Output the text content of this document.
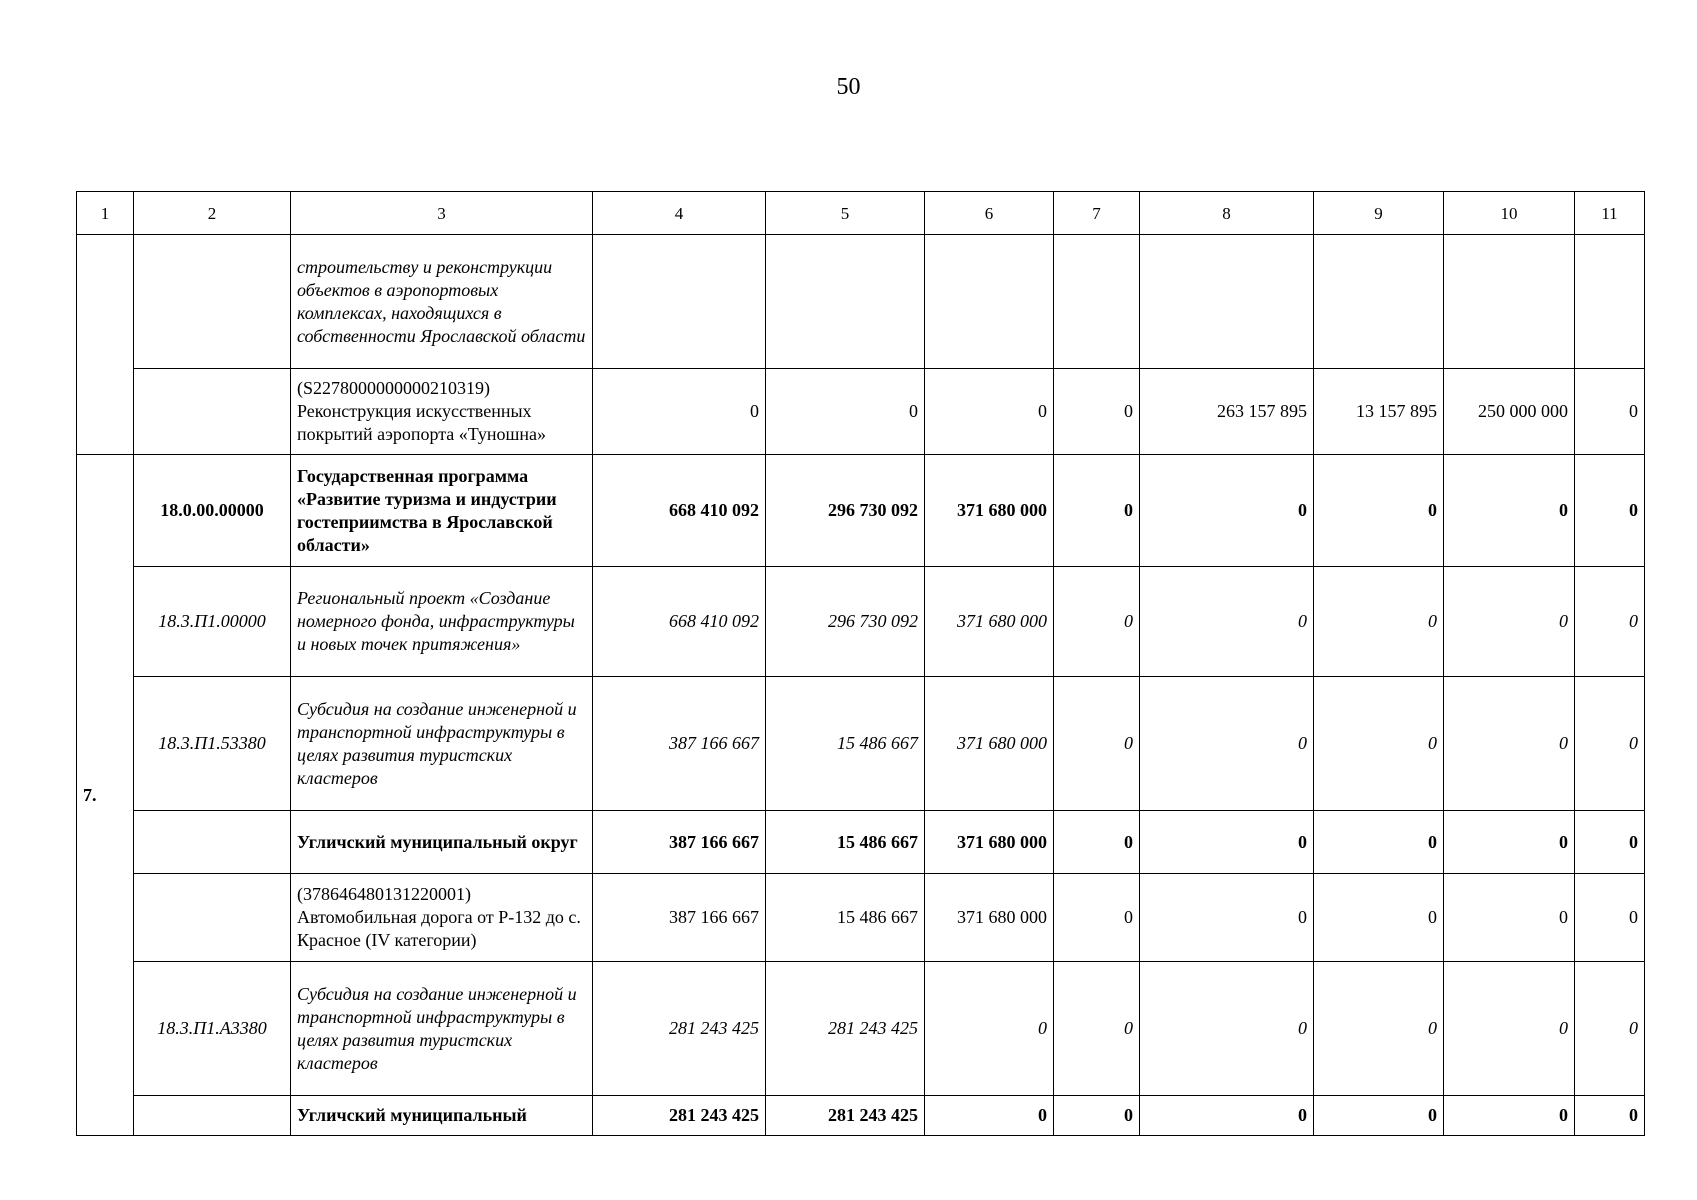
50
1	2	3	4	5	6	7	8	9	10	11
		строительству и реконструкции объектов в аэропортовых комплексах, находящихся в собственности Ярославской области								
		(S2278000000000210319) Реконструкция искусственных покрытий аэропорта «Туношна»	0	0	0	0	263 157 895	13 157 895	250 000 000	0
7.	18.0.00.00000	Государственная программа «Развитие туризма и индустрии гостеприимства в Ярославской области»	668 410 092	296 730 092	371 680 000	0	0	0	0	0
	18.3.П1.00000	Региональный проект «Создание номерного фонда, инфраструктуры и новых точек притяжения»	668 410 092	296 730 092	371 680 000	0	0	0	0	0
	18.3.П1.53380	Субсидия на создание инженерной и транспортной инфраструктуры в целях развития туристских кластеров	387 166 667	15 486 667	371 680 000	0	0	0	0	0
		Угличский муниципальный округ	387 166 667	15 486 667	371 680 000	0	0	0	0	0
		(378646480131220001) Автомобильная дорога от Р-132 до с. Красное (IV категории)	387 166 667	15 486 667	371 680 000	0	0	0	0	0
	18.3.П1.А3380	Субсидия на создание инженерной и транспортной инфраструктуры в целях развития туристских кластеров	281 243 425	281 243 425	0	0	0	0	0	0
		Угличский муниципальный	281 243 425	281 243 425	0	0	0	0	0	0
